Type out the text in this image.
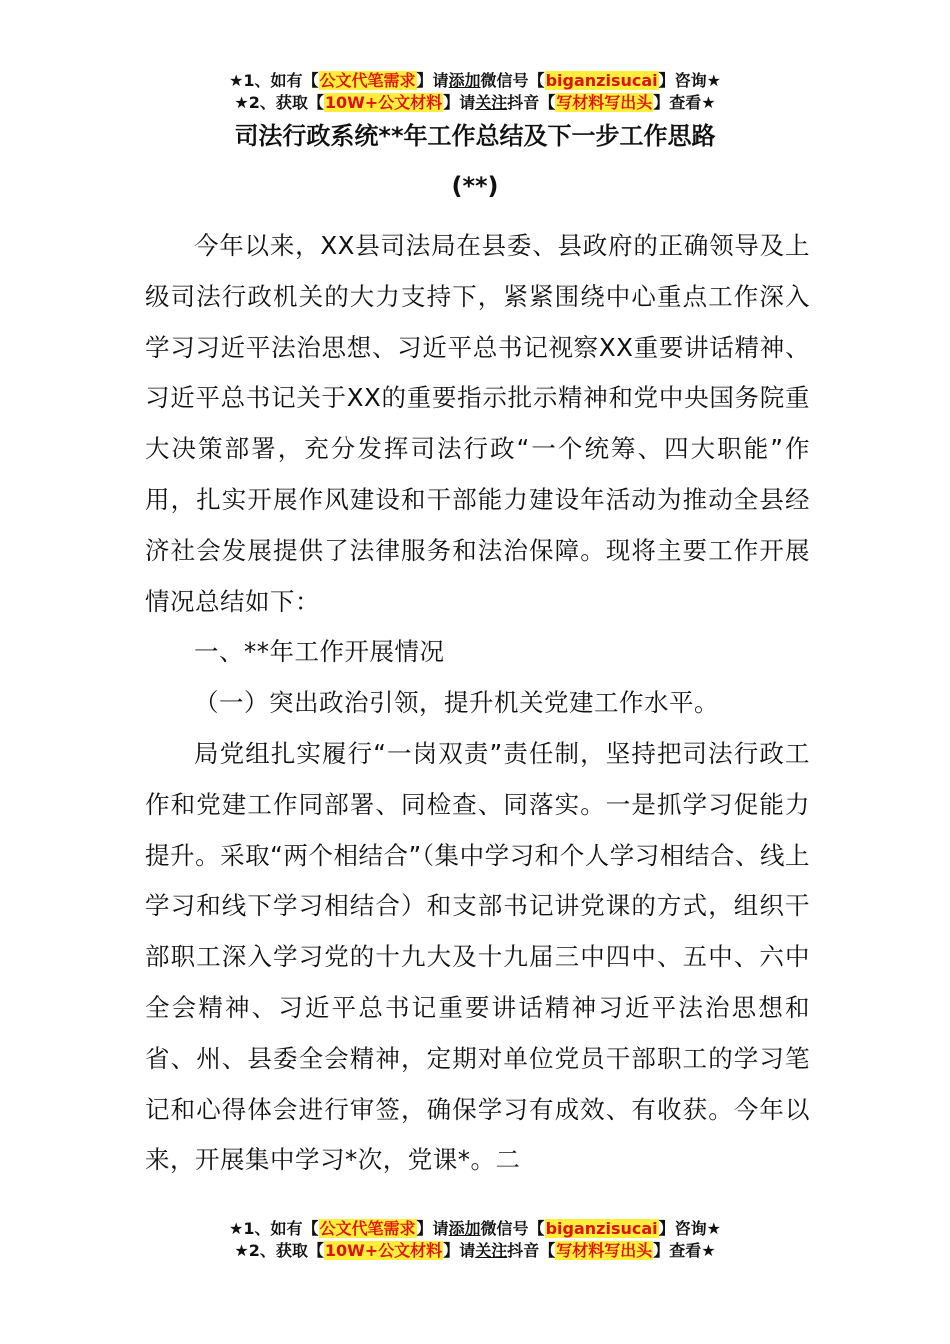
★1、如有【公文代笔需求】请添加微信号【biganzisucai】咨询★
★2、获取【10W+公文材料】请关注抖音【写材料写出头】查看★
司法行政系统**年工作总结及下一步工作思路
(**)

今年以来，XX县司法局在县委、县政府的正确领导及上级司法行政机关的大力支持下，紧紧围绕中心重点工作深入学习习近平法治思想、习近平总书记视察XX重要讲话精神、习近平总书记关于XX的重要指示批示精神和党中央国务院重大决策部署，充分发挥司法行政“一个统筹、四大职能”作用，扎实开展作风建设和干部能力建设年活动为推动全县经济社会发展提供了法律服务和法治保障。现将主要工作开展情况总结如下：

一、**年工作开展情况

（一）突出政治引领，提升机关党建工作水平。

局党组扎实履行“一岗双责”责任制，坚持把司法行政工作和党建工作同部署、同检查、同落实。一是抓学习促能力提升。采取“两个相结合”（集中学习和个人学习相结合、线上学习和线下学习相结合）和支部书记讲党课的方式，组织干部职工深入学习党的十九大及十九届三中四中、五中、六中全会精神、习近平总书记重要讲话精神习近平法治思想和省、州、县委全会精神，定期对单位党员干部职工的学习笔记和心得体会进行审签，确保学习有成效、有收获。今年以来，开展集中学习*次，党课*。二

★1、如有【公文代笔需求】请添加微信号【biganzisucai】咨询★
★2、获取【10W+公文材料】请关注抖音【写材料写出头】查看★
